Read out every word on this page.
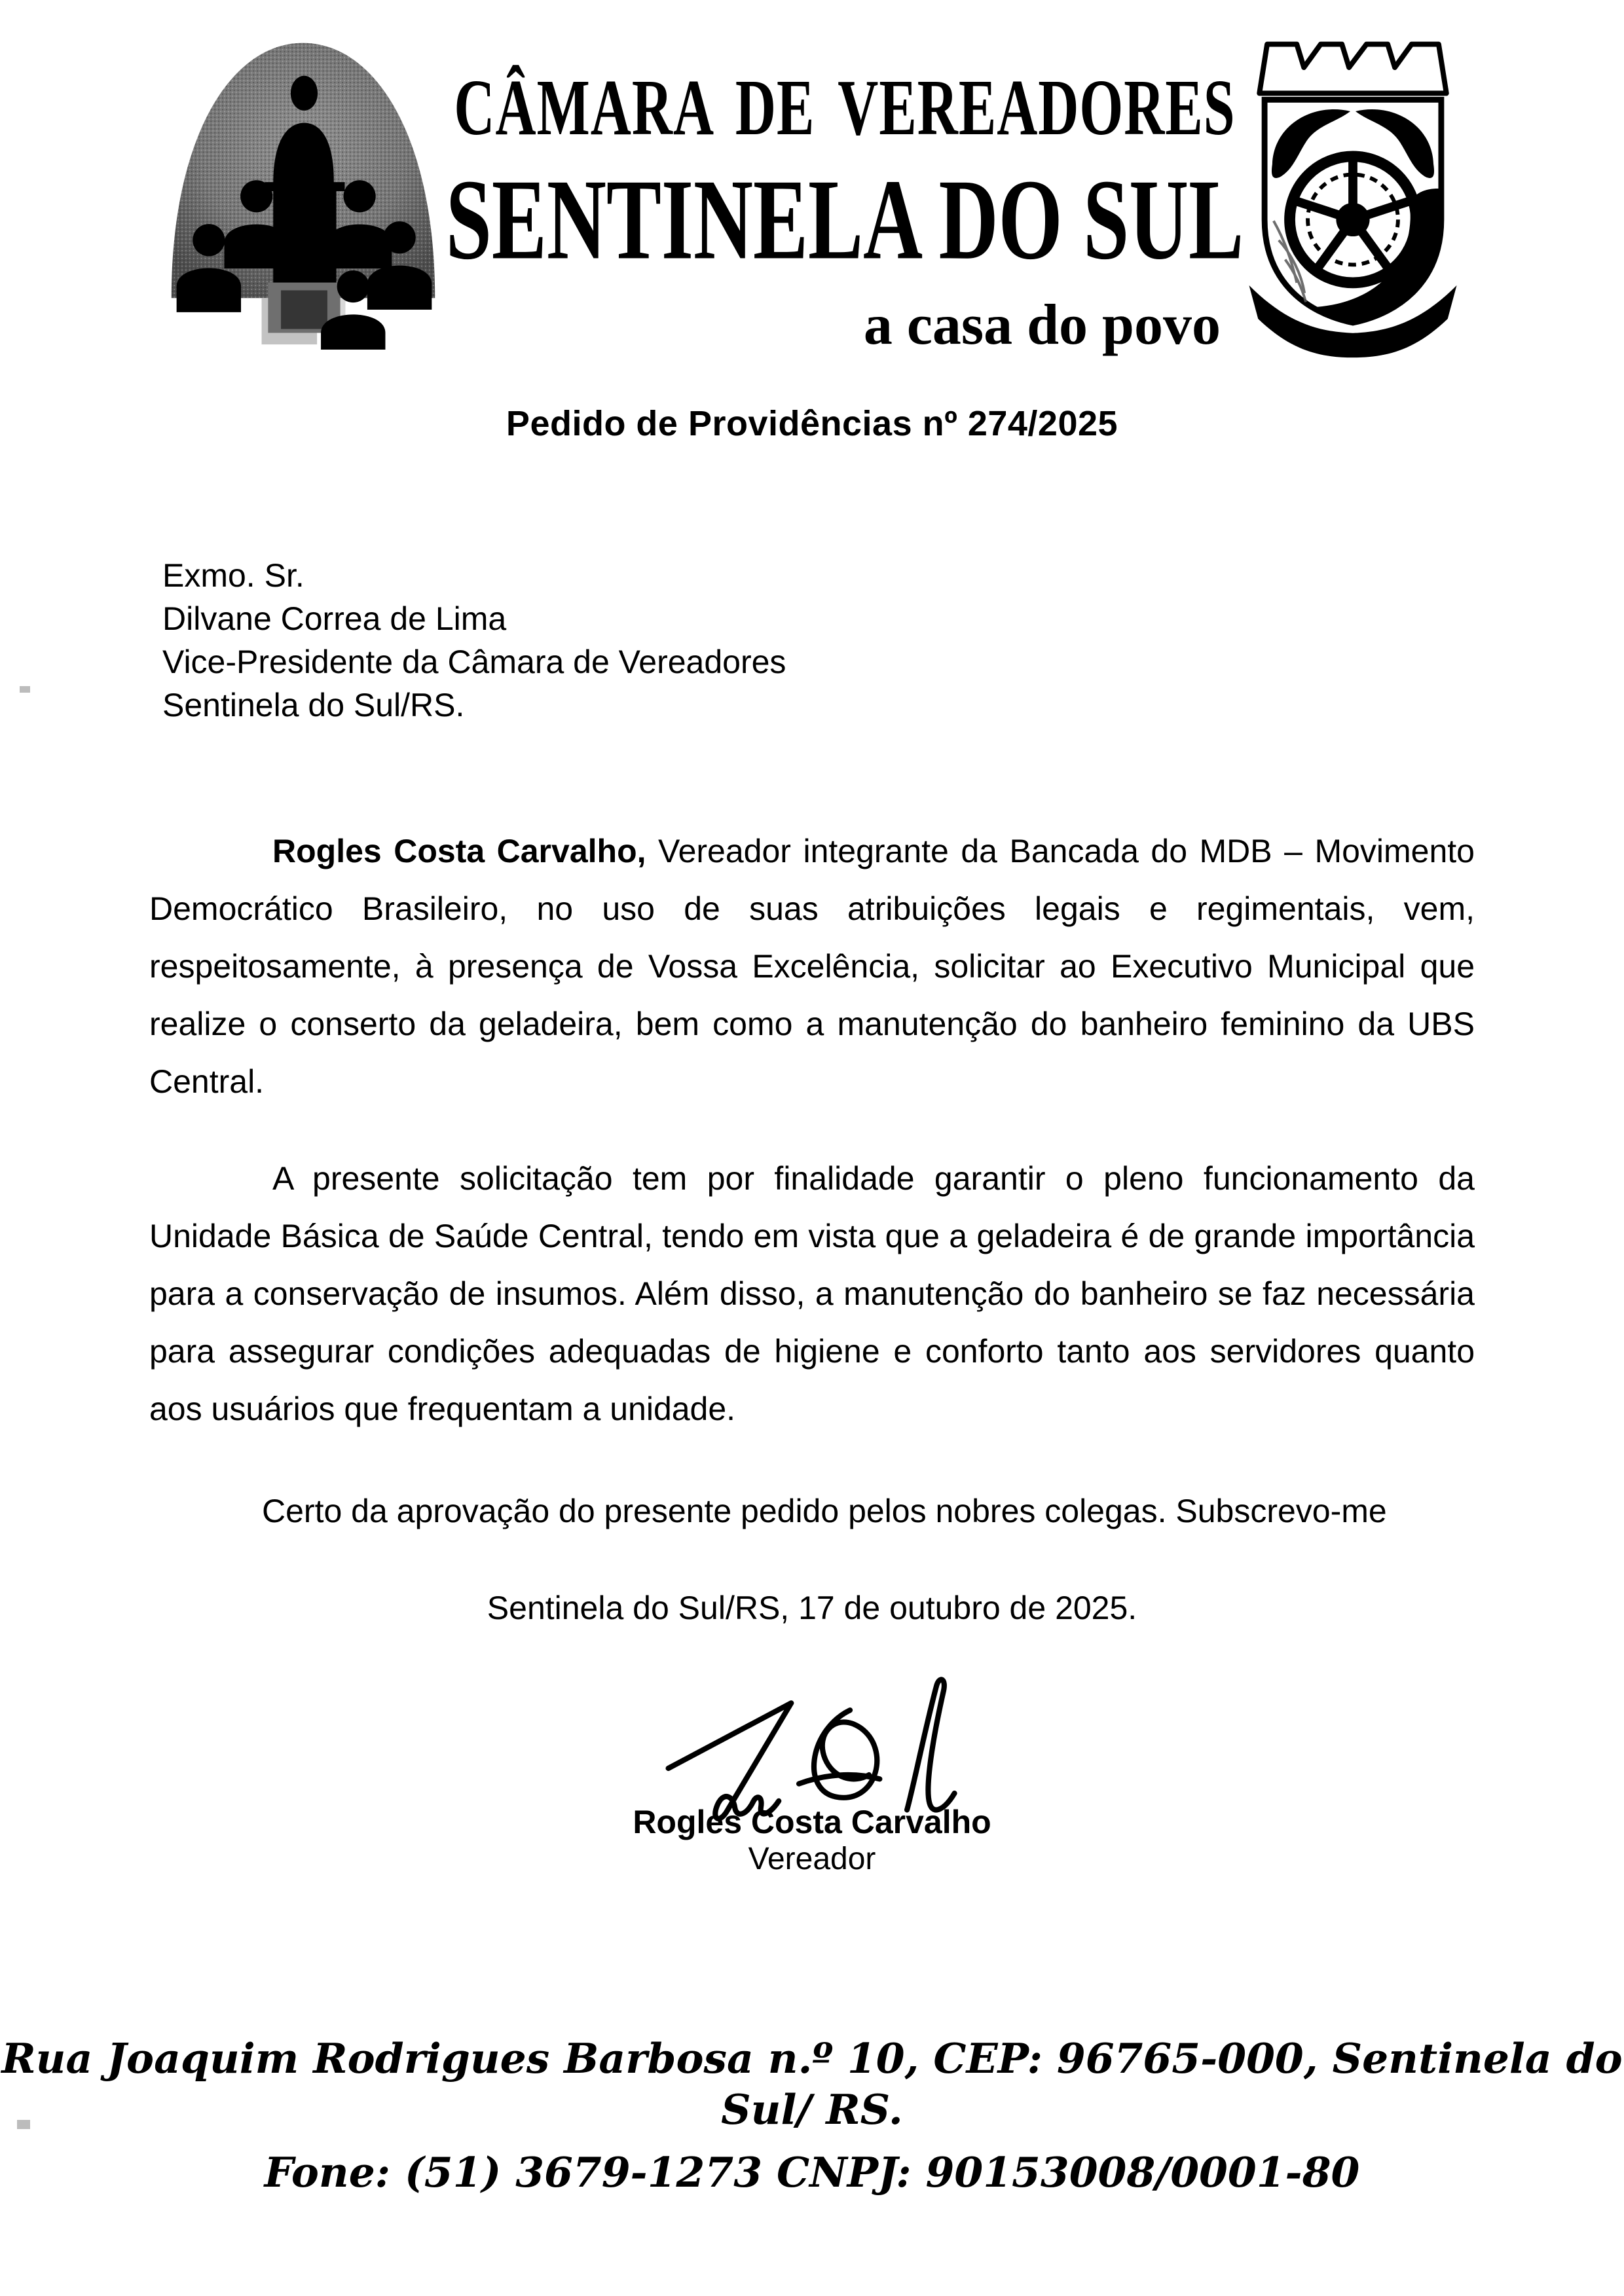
CÂMARA DE VEREADORES
SENTINELA DO SUL
a casa do povo
Pedido de Providências nº 274/2025
Exmo. Sr.
Dilvane Correa de Lima
Vice-Presidente da Câmara de Vereadores
Sentinela do Sul/RS.

Rogles Costa Carvalho, Vereador integrante da Bancada do MDB – Movimento Democrático Brasileiro, no uso de suas atribuições legais e regimentais, vem, respeitosamente, à presença de Vossa Excelência, solicitar ao Executivo Municipal que realize o conserto da geladeira, bem como a manutenção do banheiro feminino da UBS Central.

A presente solicitação tem por finalidade garantir o pleno funcionamento da Unidade Básica de Saúde Central, tendo em vista que a geladeira é de grande importância para a conservação de insumos. Além disso, a manutenção do banheiro se faz necessária para assegurar condições adequadas de higiene e conforto tanto aos servidores quanto aos usuários que frequentam a unidade.

Certo da aprovação do presente pedido pelos nobres colegas. Subscrevo-me

Sentinela do Sul/RS, 17 de outubro de 2025.

Rogles Costa Carvalho
Vereador
Rua Joaquim Rodrigues Barbosa n.º 10, CEP: 96765-000, Sentinela do Sul/ RS.
Fone: (51) 3679-1273 CNPJ: 90153008/0001-80
